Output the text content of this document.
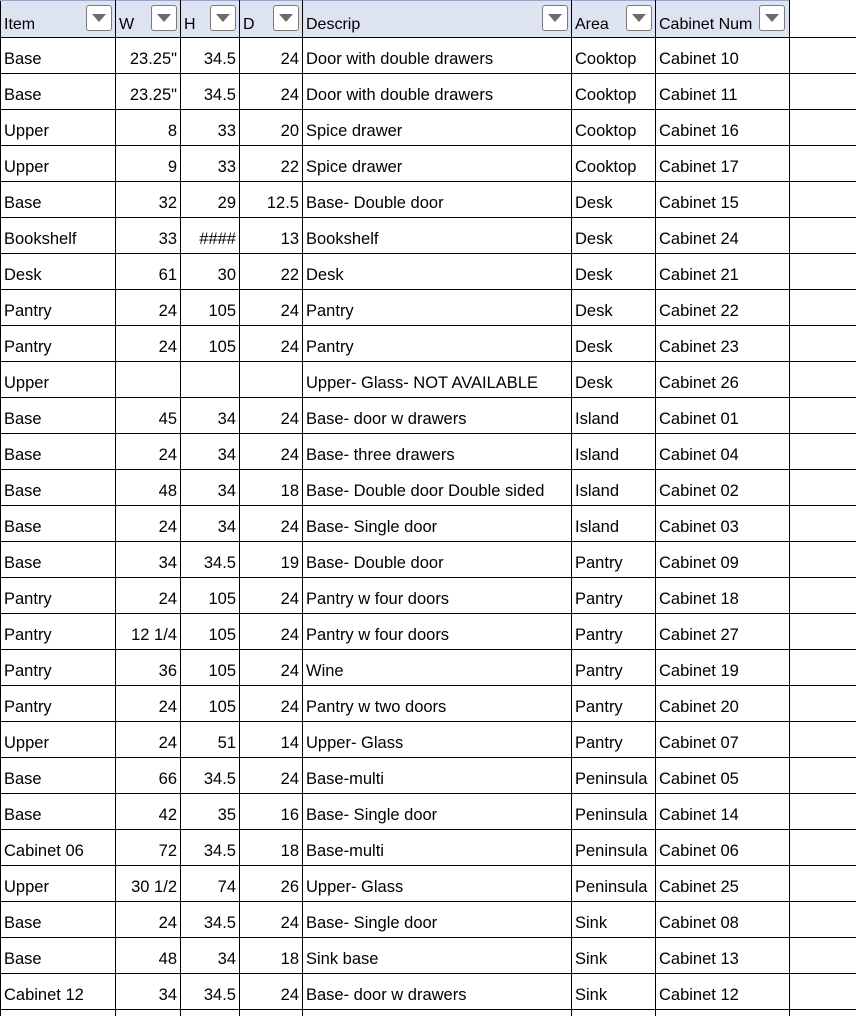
Item	W	H	D	Descrip	Area	Cabinet Num

Base	23.25"	34.5	24	Door with double drawers	Cooktop	Cabinet 10	
Base	23.25"	34.5	24	Door with double drawers	Cooktop	Cabinet 11	
Upper	8	33	20	Spice drawer	Cooktop	Cabinet 16	
Upper	9	33	22	Spice drawer	Cooktop	Cabinet 17	
Base	32	29	12.5	Base- Double door	Desk	Cabinet 15	
Bookshelf	33	####	13	Bookshelf	Desk	Cabinet 24	
Desk	61	30	22	Desk	Desk	Cabinet 21	
Pantry	24	105	24	Pantry	Desk	Cabinet 22	
Pantry	24	105	24	Pantry	Desk	Cabinet 23	
Upper				Upper- Glass- NOT AVAILABLE	Desk	Cabinet 26	
Base	45	34	24	Base- door w drawers	Island	Cabinet 01	
Base	24	34	24	Base- three drawers	Island	Cabinet 04	
Base	48	34	18	Base- Double door Double sided	Island	Cabinet 02	
Base	24	34	24	Base- Single door	Island	Cabinet 03	
Base	34	34.5	19	Base- Double door	Pantry	Cabinet 09	
Pantry	24	105	24	Pantry w four doors	Pantry	Cabinet 18	
Pantry	12 1/4	105	24	Pantry w four doors	Pantry	Cabinet 27	
Pantry	36	105	24	Wine	Pantry	Cabinet 19	
Pantry	24	105	24	Pantry w two doors	Pantry	Cabinet 20	
Upper	24	51	14	Upper- Glass	Pantry	Cabinet 07	
Base	66	34.5	24	Base-multi	Peninsula	Cabinet 05	
Base	42	35	16	Base- Single door	Peninsula	Cabinet 14	
Cabinet 06	72	34.5	18	Base-multi	Peninsula	Cabinet 06	
Upper	30 1/2	74	26	Upper- Glass	Peninsula	Cabinet 25	
Base	24	34.5	24	Base- Single door	Sink	Cabinet 08	
Base	48	34	18	Sink base	Sink	Cabinet 13	
Cabinet 12	34	34.5	24	Base- door w drawers	Sink	Cabinet 12	
